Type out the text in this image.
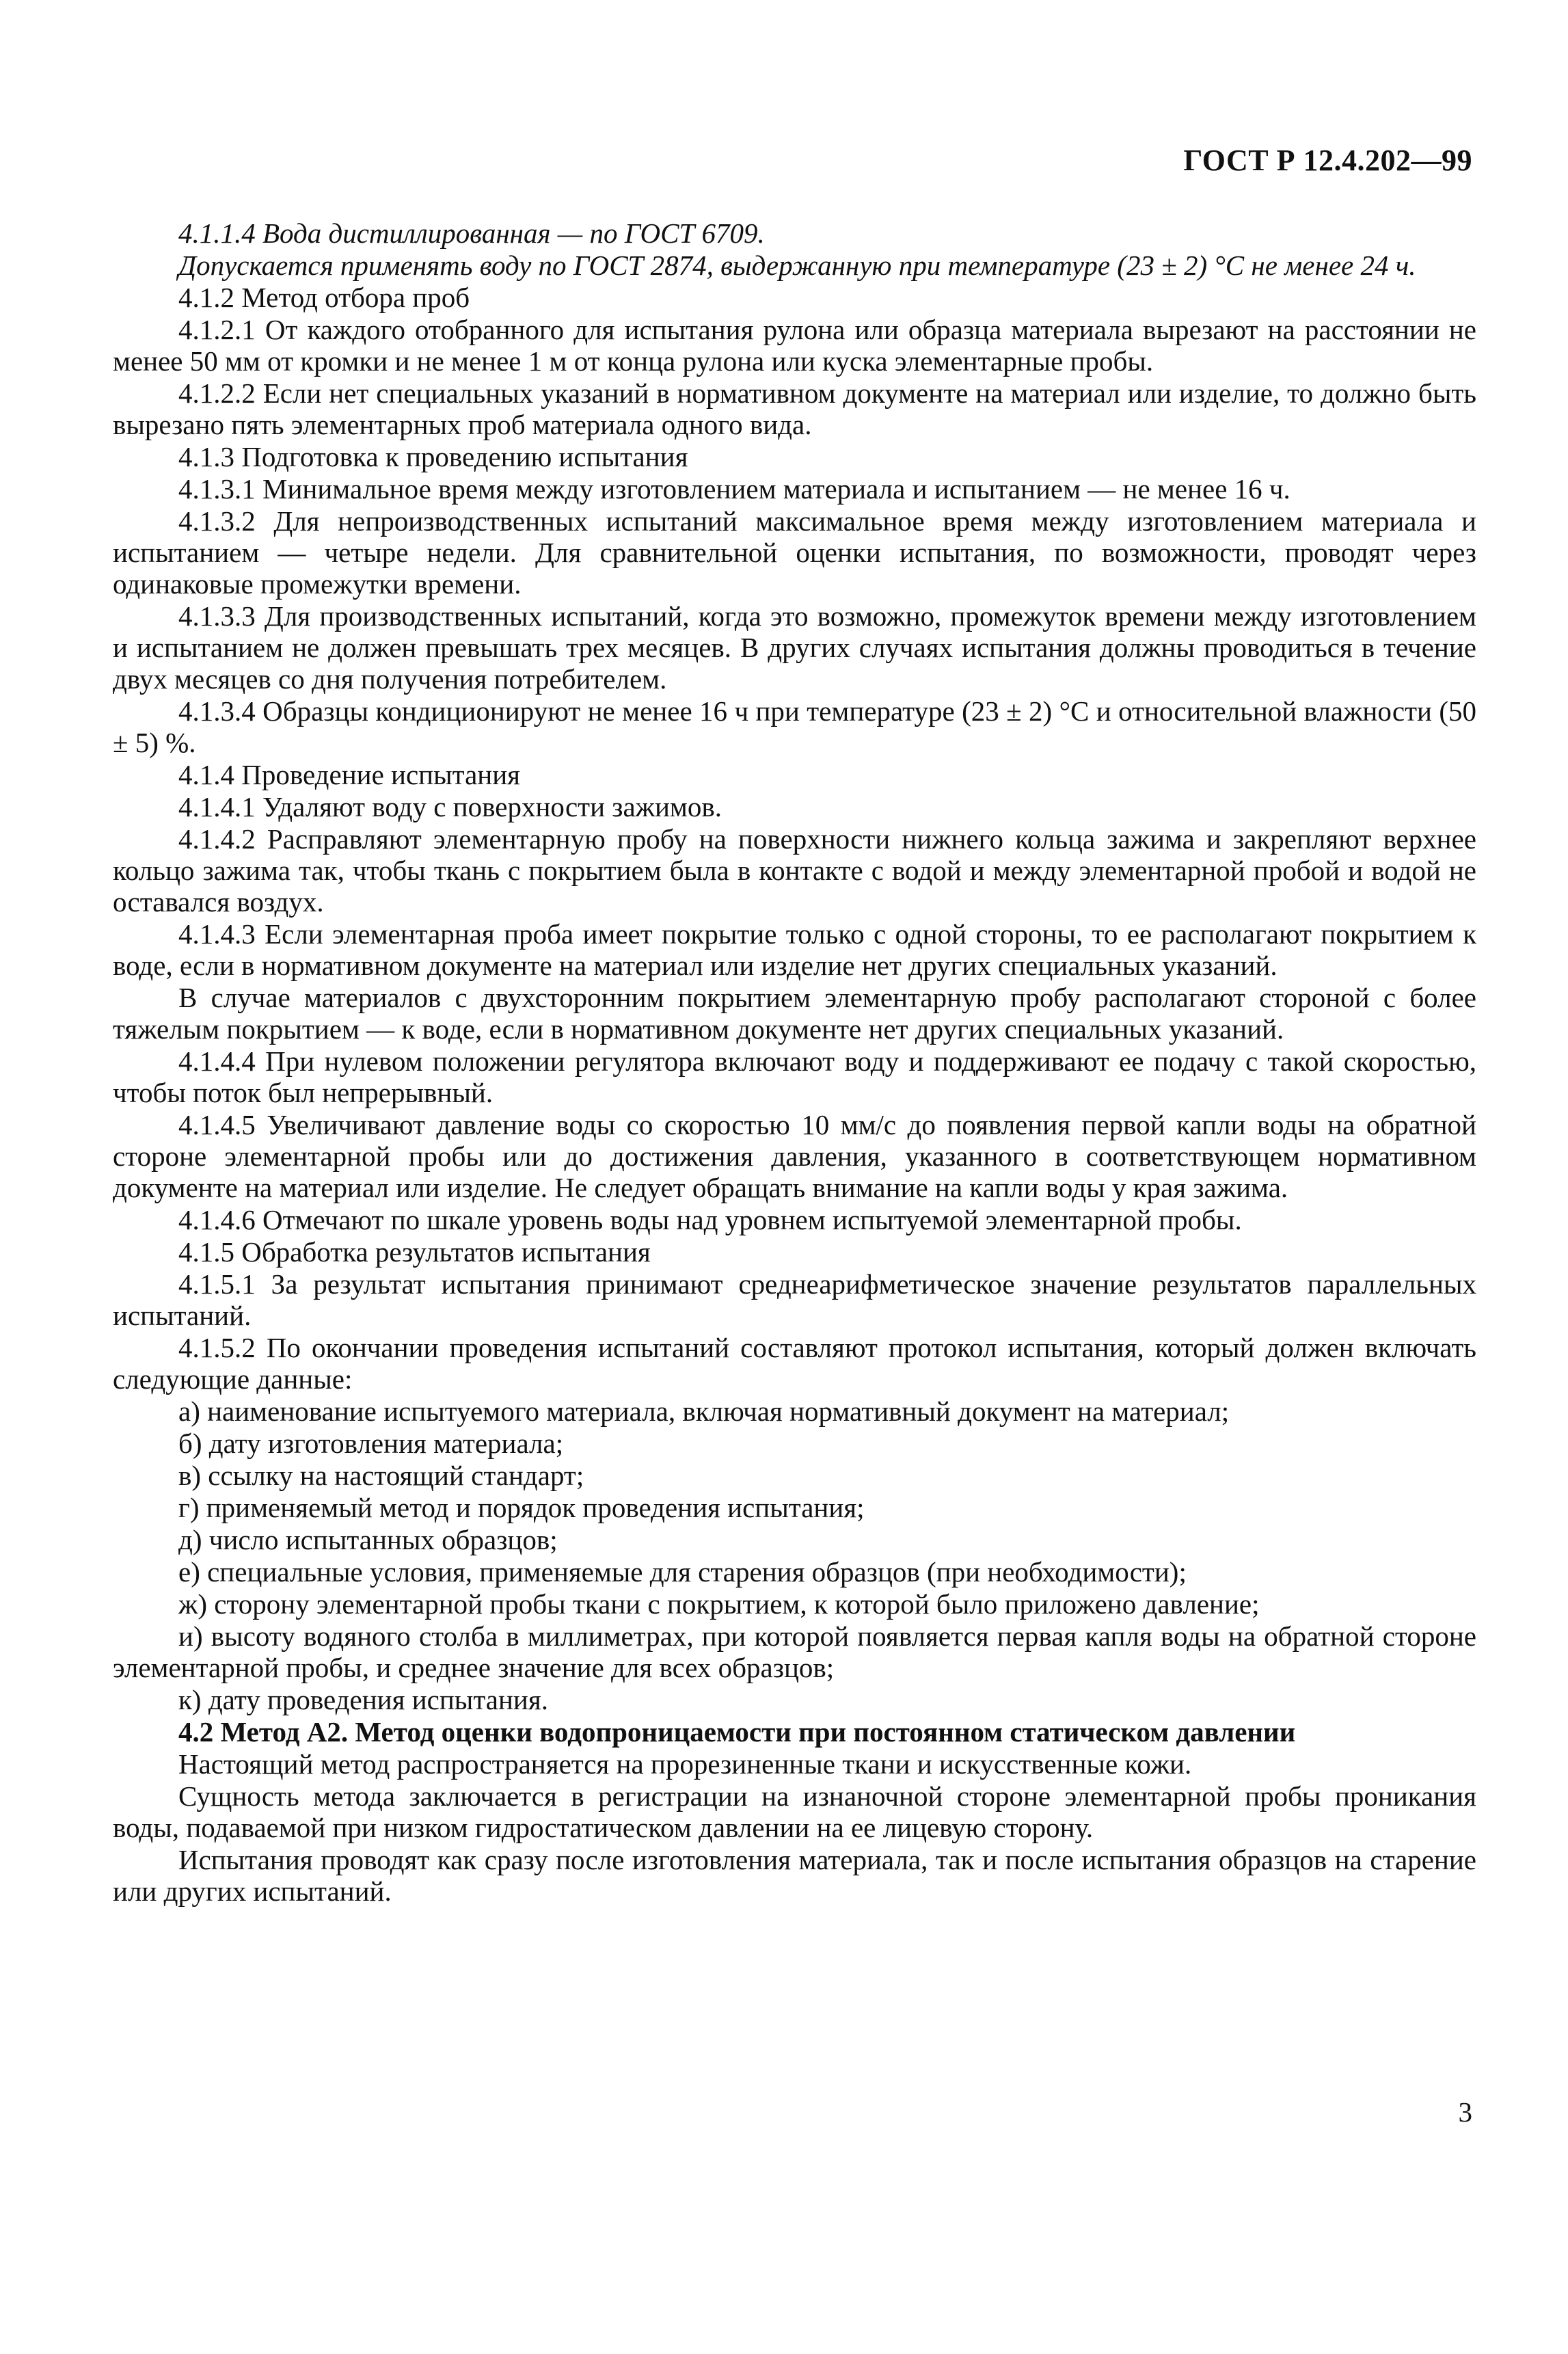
ГОСТ Р 12.4.202—99

4.1.1.4 Вода дистиллированная — по ГОСТ 6709.

Допускается применять воду по ГОСТ 2874, выдержанную при температуре (23 ± 2) °С не менее 24 ч.

4.1.2 Метод отбора проб

4.1.2.1 От каждого отобранного для испытания рулона или образца материала вырезают на расстоянии не менее 50 мм от кромки и не менее 1 м от конца рулона или куска элементарные пробы.

4.1.2.2 Если нет специальных указаний в нормативном документе на материал или изделие, то должно быть вырезано пять элементарных проб материала одного вида.

4.1.3 Подготовка к проведению испытания

4.1.3.1 Минимальное время между изготовлением материала и испытанием — не менее 16 ч.

4.1.3.2 Для непроизводственных испытаний максимальное время между изготовлением материала и испытанием — четыре недели. Для сравнительной оценки испытания, по возможности, проводят через одинаковые промежутки времени.

4.1.3.3 Для производственных испытаний, когда это возможно, промежуток времени между изготовлением и испытанием не должен превышать трех месяцев. В других случаях испытания должны проводиться в течение двух месяцев со дня получения потребителем.

4.1.3.4 Образцы кондиционируют не менее 16 ч при температуре (23 ± 2) °С и относительной влажности (50 ± 5) %.

4.1.4 Проведение испытания

4.1.4.1 Удаляют воду с поверхности зажимов.

4.1.4.2 Расправляют элементарную пробу на поверхности нижнего кольца зажима и закрепляют верхнее кольцо зажима так, чтобы ткань с покрытием была в контакте с водой и между элементарной пробой и водой не оставался воздух.

4.1.4.3 Если элементарная проба имеет покрытие только с одной стороны, то ее располагают покрытием к воде, если в нормативном документе на материал или изделие нет других специальных указаний.

В случае материалов с двухсторонним покрытием элементарную пробу располагают стороной с более тяжелым покрытием — к воде, если в нормативном документе нет других специальных указаний.

4.1.4.4 При нулевом положении регулятора включают воду и поддерживают ее подачу с такой скоростью, чтобы поток был непрерывный.

4.1.4.5 Увеличивают давление воды со скоростью 10 мм/с до появления первой капли воды на обратной стороне элементарной пробы или до достижения давления, указанного в соответствующем нормативном документе на материал или изделие. Не следует обращать внимание на капли воды у края зажима.

4.1.4.6 Отмечают по шкале уровень воды над уровнем испытуемой элементарной пробы.

4.1.5 Обработка результатов испытания

4.1.5.1 За результат испытания принимают среднеарифметическое значение результатов параллельных испытаний.

4.1.5.2 По окончании проведения испытаний составляют протокол испытания, который должен включать следующие данные:

а) наименование испытуемого материала, включая нормативный документ на материал;

б) дату изготовления материала;

в) ссылку на настоящий стандарт;

г) применяемый метод и порядок проведения испытания;

д) число испытанных образцов;

е) специальные условия, применяемые для старения образцов (при необходимости);

ж) сторону элементарной пробы ткани с покрытием, к которой было приложено давление;

и) высоту водяного столба в миллиметрах, при которой появляется первая капля воды на обратной стороне элементарной пробы, и среднее значение для всех образцов;

к) дату проведения испытания.

4.2 Метод А2. Метод оценки водопроницаемости при постоянном статическом давлении

Настоящий метод распространяется на прорезиненные ткани и искусственные кожи.

Сущность метода заключается в регистрации на изнаночной стороне элементарной пробы проникания воды, подаваемой при низком гидростатическом давлении на ее лицевую сторону.

Испытания проводят как сразу после изготовления материала, так и после испытания образцов на старение или других испытаний.

3
